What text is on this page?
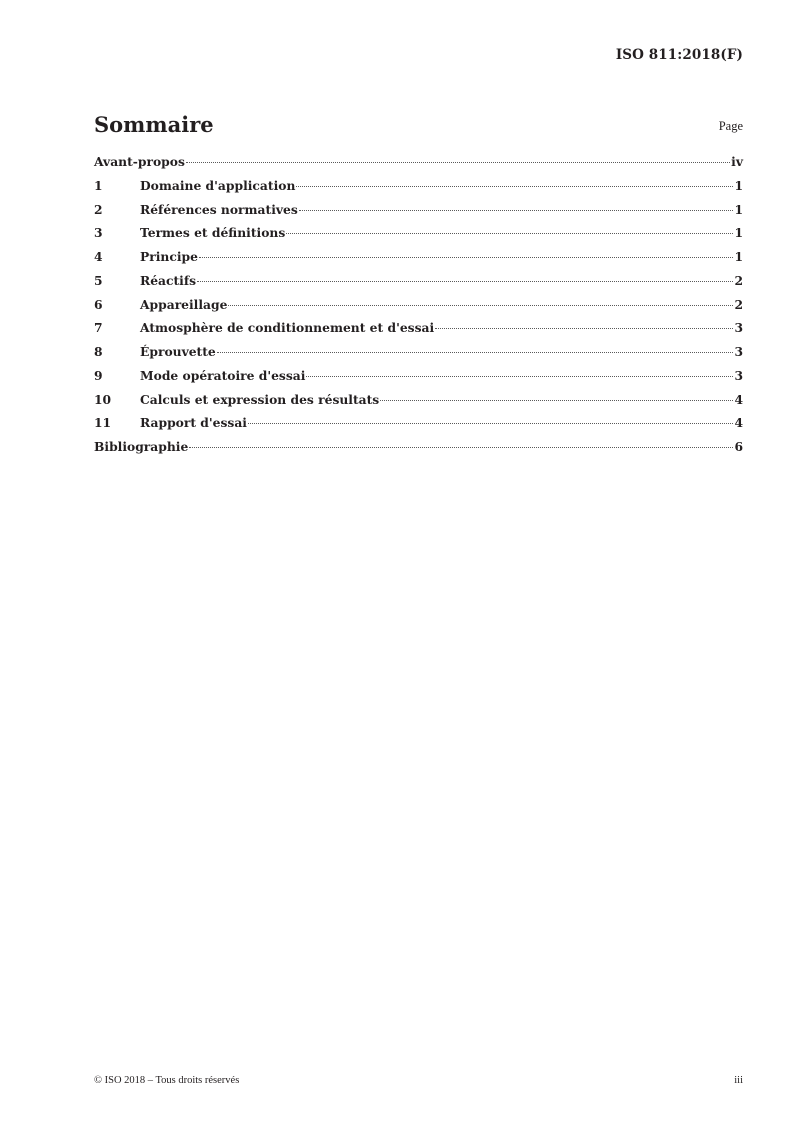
ISO 811:2018(F)
Sommaire	Page
Avant-propos	iv
1	Domaine d'application	1
2	Références normatives	1
3	Termes et définitions	1
4	Principe	1
5	Réactifs	2
6	Appareillage	2
7	Atmosphère de conditionnement et d'essai	3
8	Éprouvette	3
9	Mode opératoire d'essai	3
10	Calculs et expression des résultats	4
11	Rapport d'essai	4
Bibliographie	6
© ISO 2018 – Tous droits réservés	iii
